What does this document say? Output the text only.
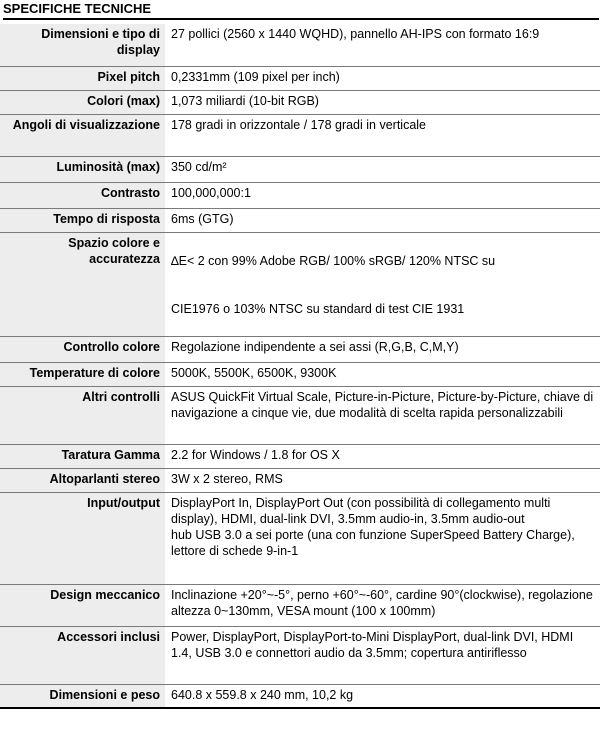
SPECIFICHE TECNICHE
Dimensioni e tipo di display	27 pollici (2560 x 1440 WQHD), pannello AH-IPS con formato 16:9
Pixel pitch	0,2331mm (109 pixel per inch)
Colori (max)	1,073 miliardi (10-bit RGB)
Angoli di visualizzazione	178 gradi in orizzontale / 178 gradi in verticale
Luminosità (max)	350 cd/m²
Contrasto	100,000,000:1
Tempo di risposta	6ms (GTG)
Spazio colore e accuratezza	∆E< 2 con 99% Adobe RGB/ 100% sRGB/ 120% NTSC su
CIE1976 o 103% NTSC su standard di test CIE 1931

Controllo colore	Regolazione indipendente a sei assi (R,G,B, C,M,Y)
Temperature di colore	5000K, 5500K, 6500K, 9300K
Altri controlli	ASUS QuickFit Virtual Scale, Picture-in-Picture, Picture-by-Picture, chiave di navigazione a cinque vie, due modalità di scelta rapida personalizzabili
Taratura Gamma	2.2 for Windows / 1.8 for OS X
Altoparlanti stereo	3W x 2 stereo, RMS
Input/output	DisplayPort In, DisplayPort Out (con possibilità di collegamento multi display), HDMI, dual-link DVI, 3.5mm audio-in, 3.5mm audio-out
hub USB 3.0 a sei porte (una con funzione SuperSpeed Battery Charge), lettore di schede 9-in-1

Design meccanico	Inclinazione +20°~-5°, perno +60°~-60°, cardine 90°(clockwise), regolazione altezza 0~130mm, VESA mount (100 x 100mm)
Accessori inclusi	Power, DisplayPort, DisplayPort-to-Mini DisplayPort, dual-link DVI, HDMI 1.4, USB 3.0 e connettori audio da 3.5mm; copertura antiriflesso
Dimensioni e peso	640.8 x 559.8 x 240 mm, 10,2 kg
